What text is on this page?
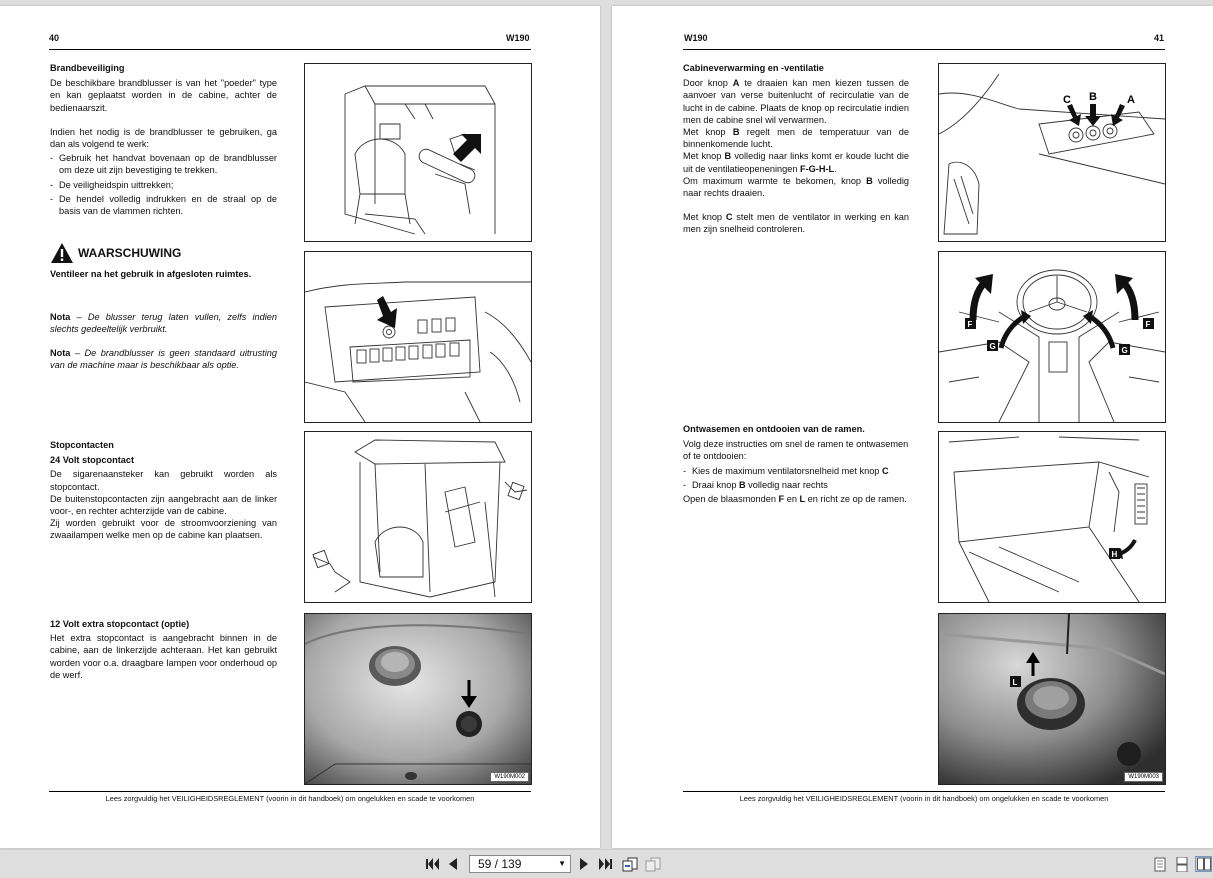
40	W190

Brandbeveiliging

De beschikbare brandblusser is van het "poeder" type en kan geplaatst worden in de cabine, achter de bedienaarszit.

Indien het nodig is de brandblusser te gebruiken, ga dan als volgend te werk:

- Gebruik het handvat bovenaan op de brandblusser om deze uit zijn bevestiging te trekken.
- De veiligheidspin uittrekken;
- De hendel volledig indrukken en de straal op de basis van de vlammen richten.
WAARSCHUWING

Ventileer na het gebruik in afgesloten ruimtes.

Nota – De blusser terug laten vullen, zelfs indien slechts gedeeltelijk verbruikt.
Nota – De brandblusser is geen standaard uitrusting van de machine maar is beschikbaar als optie.

Stopcontacten

24 Volt stopcontact

De sigarenaansteker kan gebruikt worden als stopcontact.
De buitenstopcontacten zijn aangebracht aan de linker voor-, en rechter achterzijde van de cabine.
Zij worden gebruikt voor de stroomvoorziening van zwaailampen welke men op de cabine kan plaatsen.

12 Volt extra stopcontact (optie)

Het extra stopcontact is aangebracht binnen in de cabine, aan de linkerzijde achteraan. Het kan gebruikt worden voor o.a. draagbare lampen voor onderhoud op de werf.

W190M002
Lees zorgvuldig het VEILIGHEIDSREGLEMENT (voorin in dit handboek) om ongelukken en scade te voorkomen
W190	41

Cabineverwarming en -ventilatie

Door knop A te draaien kan men kiezen tussen de aanvoer van verse buitenlucht of recirculatie van de lucht in de cabine. Plaats de knop op recirculatie indien men de cabine snel wil verwarmen.

Met knop B regelt men de temperatuur van de binnenkomende lucht.

Met knop B volledig naar links komt er koude lucht die uit de ventilatieopeneningen F-G-H-L.

Om maximum warmte te bekomen, knop B volledig naar rechts draaien.

Met knop C stelt men de ventilator in werking en kan men zijn snelheid controleren.

Ontwasemen en ontdooien van de ramen.

Volg deze instructies om snel de ramen te ontwasemen of te ontdooien:

- Kies de maximum ventilatorsnelheid met knop C
- Draai knop B volledig naar rechts

Open de blaasmonden F en L en richt ze op de ramen.

C B	A
F	F
G	G
H
L
W190M003
Lees zorgvuldig het VEILIGHEIDSREGLEMENT (voorin in dit handboek) om ongelukken en scade te voorkomen
59 / 139	▼
